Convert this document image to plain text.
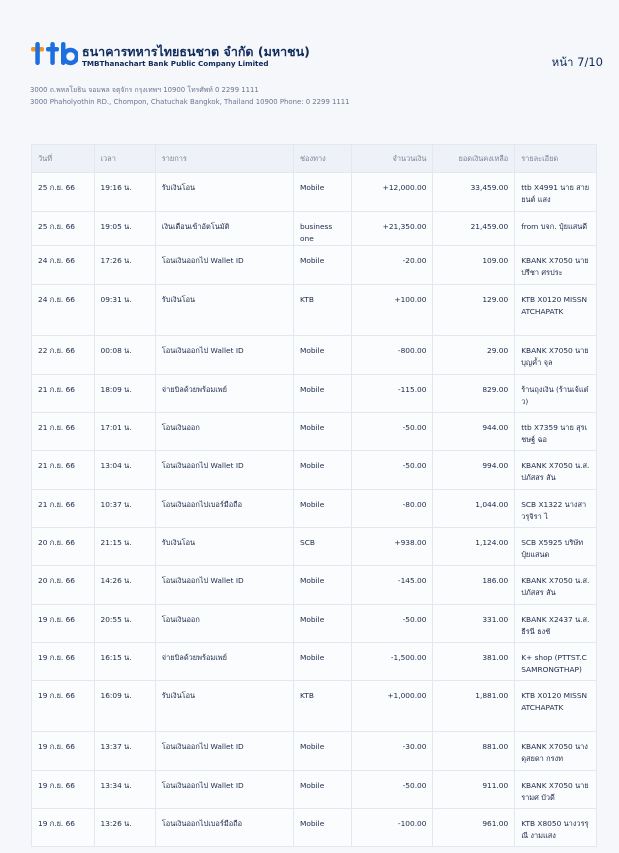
ธนาคารทหารไทยธนชาต จำกัด (มหาชน)
TMBThanachart Bank Public Company Limited	หน้า 7/10
3000 ถ.พหลโยธิน จอมพล จตุจักร กรุงเทพฯ 10900 โทรศัพท์ 0 2299 1111
3000 Phaholyothin RD., Chompon, Chatuchak Bangkok, Thailand 10900 Phone: 0 2299 1111
วันที่	เวลา	รายการ	ช่องทาง	จำนวนเงิน	ยอดเงินคงเหลือ	รายละเอียด
25 ก.ย. 66	19:16 น.	รับเงินโอน	Mobile	+12,000.00	33,459.00	ttb X4991 นาย สายยนต์ แสง
25 ก.ย. 66	19:05 น.	เงินเดือนเข้าอัตโนมัติ	business one	+21,350.00	21,459.00	from บจก. ปุ๋ยแสนดี
24 ก.ย. 66	17:26 น.	โอนเงินออกไป Wallet ID	Mobile	-20.00	109.00	KBANK X7050 นาย ปรีชา ศรประ
24 ก.ย. 66	09:31 น.	รับเงินโอน	KTB	+100.00	129.00	KTB X0120 MISSNATCHAPATK
22 ก.ย. 66	00:08 น.	โอนเงินออกไป Wallet ID	Mobile	-800.00	29.00	KBANK X7050 นาย บุญค้ำ จุล
21 ก.ย. 66	18:09 น.	จ่ายบิลด้วยพร้อมเพย์	Mobile	-115.00	829.00	ร้านถุงเงิน (ร้านเจ้แต๋ว)
21 ก.ย. 66	17:01 น.	โอนเงินออก	Mobile	-50.00	944.00	ttb X7359 นาย สุรเชษฐ์ ฉอ
21 ก.ย. 66	13:04 น.	โอนเงินออกไป Wallet ID	Mobile	-50.00	994.00	KBANK X7050 น.ส. ปภัสสร สัน
21 ก.ย. 66	10:37 น.	โอนเงินออกไปเบอร์มือถือ	Mobile	-80.00	1,044.00	SCB X1322 นางสาวรุจิรา ไ
20 ก.ย. 66	21:15 น.	รับเงินโอน	SCB	+938.00	1,124.00	SCB X5925 บริษัท ปุ๋ยแสนด
20 ก.ย. 66	14:26 น.	โอนเงินออกไป Wallet ID	Mobile	-145.00	186.00	KBANK X7050 น.ส. ปภัสสร สัน
19 ก.ย. 66	20:55 น.	โอนเงินออก	Mobile	-50.00	331.00	KBANK X2437 น.ส. ธีรนี ธงชั
19 ก.ย. 66	16:15 น.	จ่ายบิลด้วยพร้อมเพย์	Mobile	-1,500.00	381.00	K+ shop (PTTST.CSAMRONGTHAP)
19 ก.ย. 66	16:09 น.	รับเงินโอน	KTB	+1,000.00	1,881.00	KTB X0120 MISSNATCHAPATK
19 ก.ย. 66	13:37 น.	โอนเงินออกไป Wallet ID	Mobile	-30.00	881.00	KBANK X7050 นาง ดุสยดา กรงท
19 ก.ย. 66	13:34 น.	โอนเงินออกไป Wallet ID	Mobile	-50.00	911.00	KBANK X7050 นาย รามศ บัวดี
19 ก.ย. 66	13:26 น.	โอนเงินออกไปเบอร์มือถือ	Mobile	-100.00	961.00	KTB X8050 นางวรรุณี งามแสง
